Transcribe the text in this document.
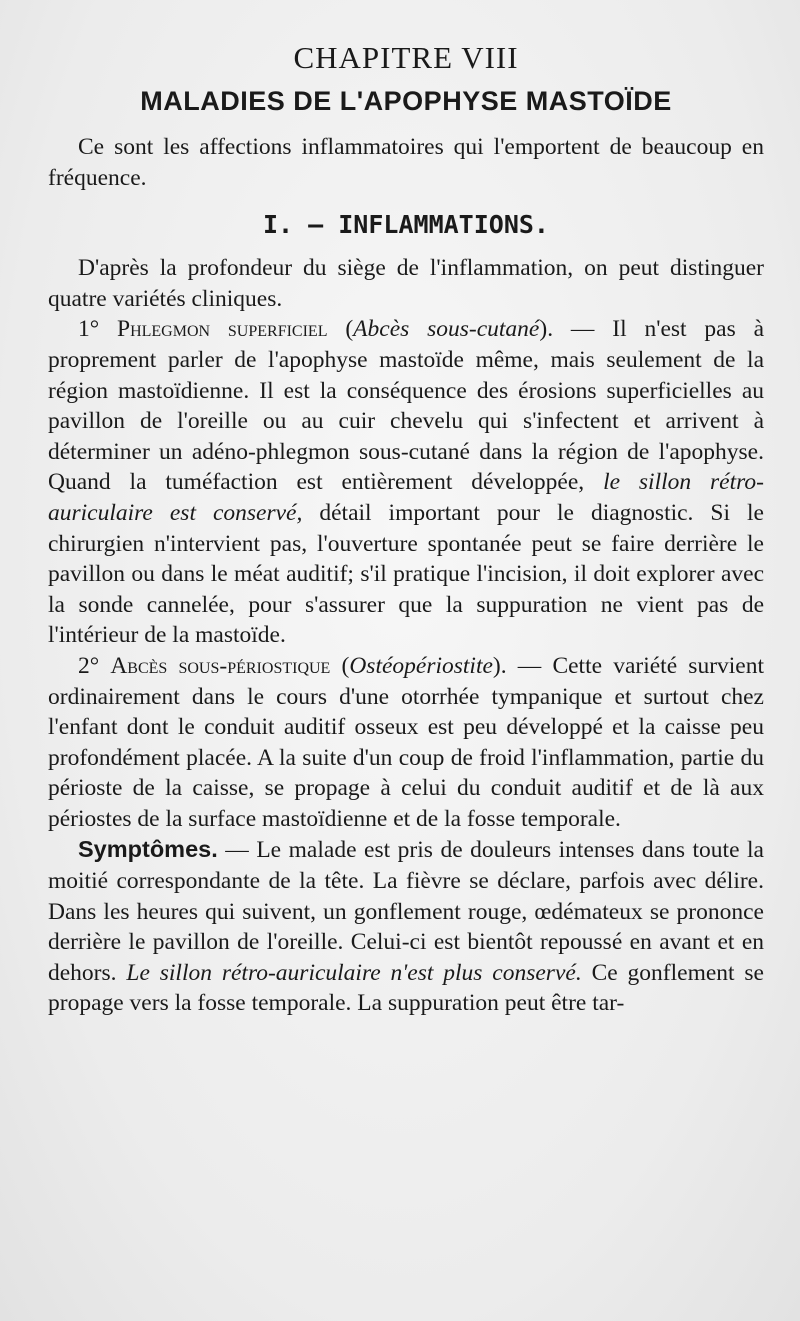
CHAPITRE VIII
MALADIES DE L'APOPHYSE MASTOÏDE

Ce sont les affections inflammatoires qui l'emportent de beaucoup en fréquence.

I. — INFLAMMATIONS.

D'après la profondeur du siège de l'inflammation, on peut distinguer quatre variétés cliniques.

1° Phlegmon superficiel (Abcès sous-cutané). — Il n'est pas à proprement parler de l'apophyse mastoïde même, mais seulement de la région mastoïdienne. Il est la conséquence des érosions superficielles au pavillon de l'oreille ou au cuir chevelu qui s'infectent et arrivent à déterminer un adéno-phlegmon sous-cutané dans la région de l'apophyse. Quand la tuméfaction est entièrement développée, le sillon rétro-auriculaire est conservé, détail important pour le diagnostic. Si le chirurgien n'intervient pas, l'ouverture spontanée peut se faire derrière le pavillon ou dans le méat auditif; s'il pratique l'incision, il doit explorer avec la sonde cannelée, pour s'assurer que la suppuration ne vient pas de l'intérieur de la mastoïde.

2° Abcès sous-périostique (Ostéopériostite). — Cette variété survient ordinairement dans le cours d'une otorrhée tympanique et surtout chez l'enfant dont le conduit auditif osseux est peu développé et la caisse peu profondément placée. A la suite d'un coup de froid l'inflammation, partie du périoste de la caisse, se propage à celui du conduit auditif et de là aux périostes de la surface mastoïdienne et de la fosse temporale.

Symptômes. — Le malade est pris de douleurs intenses dans toute la moitié correspondante de la tête. La fièvre se déclare, parfois avec délire. Dans les heures qui suivent, un gonflement rouge, œdémateux se prononce derrière le pavillon de l'oreille. Celui-ci est bientôt repoussé en avant et en dehors. Le sillon rétro-auriculaire n'est plus conservé. Ce gonflement se propage vers la fosse temporale. La suppuration peut être tar-
